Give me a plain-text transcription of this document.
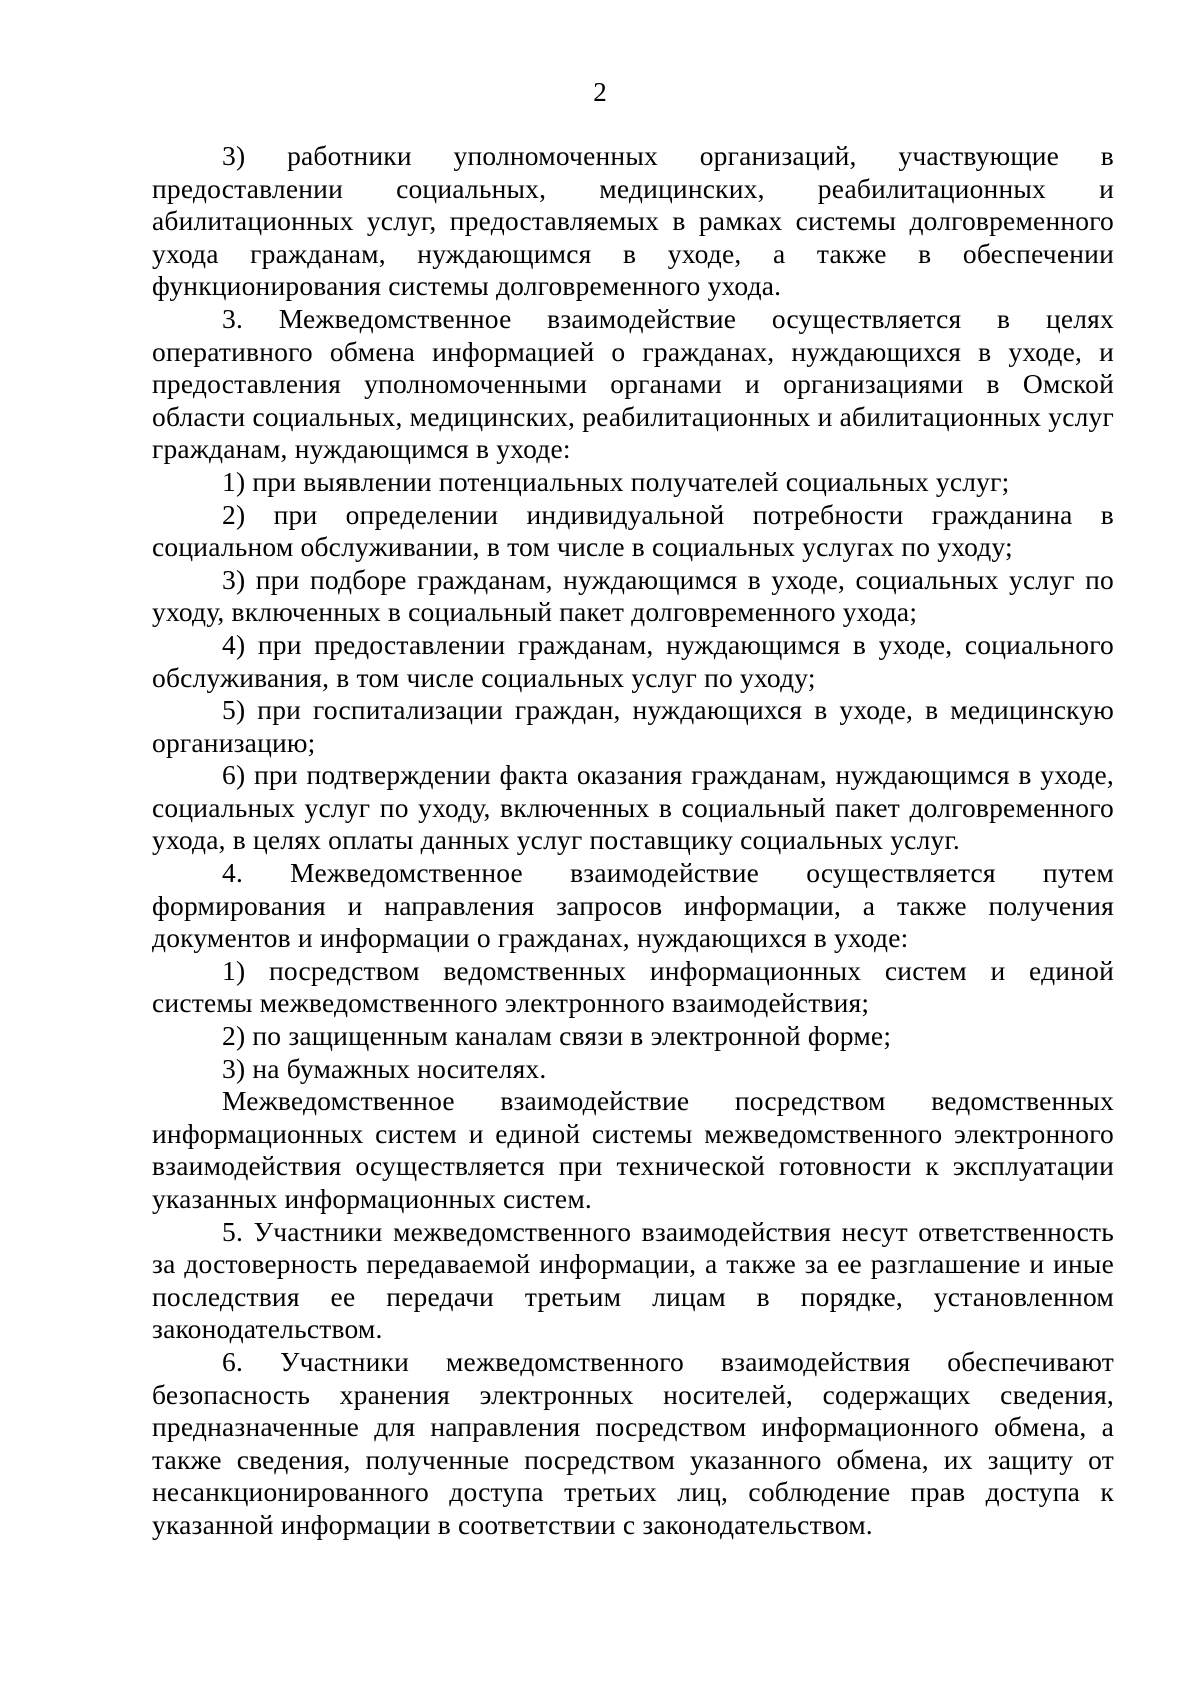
2

3) работники уполномоченных организаций, участвующие в предоставлении социальных, медицинских, реабилитационных и абилитационных услуг, предоставляемых в рамках системы долговременного ухода гражданам, нуждающимся в уходе, а также в обеспечении функционирования системы долговременного ухода.

3. Межведомственное взаимодействие осуществляется в целях оперативного обмена информацией о гражданах, нуждающихся в уходе, и предоставления уполномоченными органами и организациями в Омской области социальных, медицинских, реабилитационных и абилитационных услуг гражданам, нуждающимся в уходе:

1) при выявлении потенциальных получателей социальных услуг;

2) при определении индивидуальной потребности гражданина в социальном обслуживании, в том числе в социальных услугах по уходу;

3) при подборе гражданам, нуждающимся в уходе, социальных услуг по уходу, включенных в социальный пакет долговременного ухода;

4) при предоставлении гражданам, нуждающимся в уходе, социального обслуживания, в том числе социальных услуг по уходу;

5) при госпитализации граждан, нуждающихся в уходе, в медицинскую организацию;

6) при подтверждении факта оказания гражданам, нуждающимся в уходе, социальных услуг по уходу, включенных в социальный пакет долговременного ухода, в целях оплаты данных услуг поставщику социальных услуг.

4. Межведомственное взаимодействие осуществляется путем формирования и направления запросов информации, а также получения документов и информации о гражданах, нуждающихся в уходе:

1) посредством ведомственных информационных систем и единой системы межведомственного электронного взаимодействия;

2) по защищенным каналам связи в электронной форме;

3) на бумажных носителях.

Межведомственное взаимодействие посредством ведомственных информационных систем и единой системы межведомственного электронного взаимодействия осуществляется при технической готовности к эксплуатации указанных информационных систем.

5. Участники межведомственного взаимодействия несут ответственность за достоверность передаваемой информации, а также за ее разглашение и иные последствия ее передачи третьим лицам в порядке, установленном законодательством.

6. Участники межведомственного взаимодействия обеспечивают безопасность хранения электронных носителей, содержащих сведения, предназначенные для направления посредством информационного обмена, а также сведения, полученные посредством указанного обмена, их защиту от несанкционированного доступа третьих лиц, соблюдение прав доступа к указанной информации в соответствии с законодательством.
